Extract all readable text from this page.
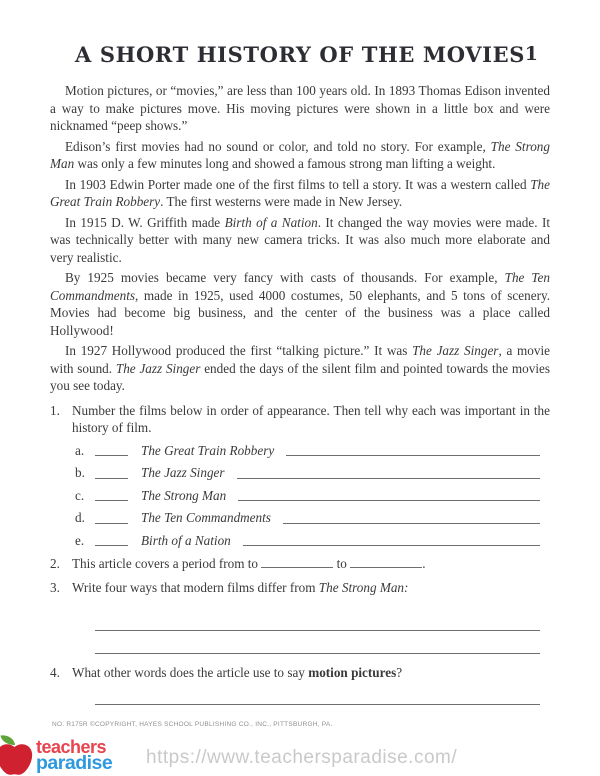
A SHORT HISTORY OF THE MOVIES 1

Motion pictures, or “movies,” are less than 100 years old. In 1893 Thomas Edison invented a way to make pictures move. His moving pictures were shown in a little box and were nicknamed “peep shows.”

Edison’s first movies had no sound or color, and told no story. For example, The Strong Man was only a few minutes long and showed a famous strong man lifting a weight.

In 1903 Edwin Porter made one of the first films to tell a story. It was a western called The Great Train Robbery. The first westerns were made in New Jersey.

In 1915 D. W. Griffith made Birth of a Nation. It changed the way movies were made. It was technically better with many new camera tricks. It was also much more elaborate and very realistic.

By 1925 movies became very fancy with casts of thousands. For example, The Ten Commandments, made in 1925, used 4000 costumes, 50 elephants, and 5 tons of scenery. Movies had become big business, and the center of the business was a place called Hollywood!

In 1927 Hollywood produced the first “talking picture.” It was The Jazz Singer, a movie with sound. The Jazz Singer ended the days of the silent film and pointed towards the movies you see today.

1. Number the films below in order of appearance. Then tell why each was important in the history of film.
a.	The Great Train Robbery
b.	The Jazz Singer
c.	The Strong Man
d.	The Ten Commandments
e.	Birth of a Nation
2. This article covers a period from to	to	.
3. Write four ways that modern films differ from The Strong Man:
4. What other words does the article use to say motion pictures?
NO. R175R ©COPYRIGHT, HAYES SCHOOL PUBLISHING CO., INC., PITTSBURGH, PA.
teachers
paradise https://www.teachersparadise.com/
